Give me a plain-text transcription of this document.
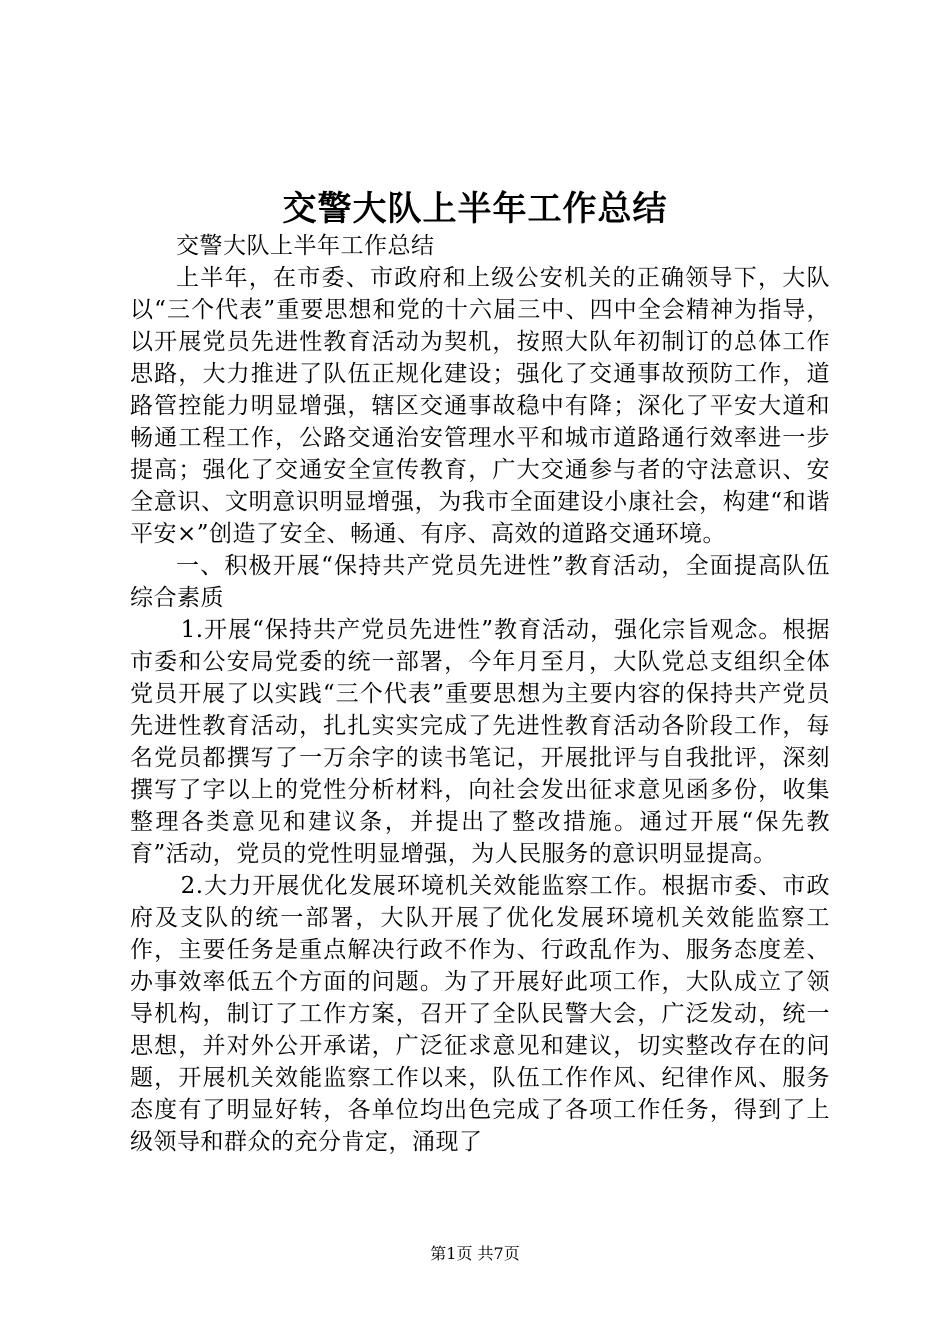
交警大队上半年工作总结

交警大队上半年工作总结

上半年，在市委、市政府和上级公安机关的正确领导下，大队以“三个代表”重要思想和党的十六届三中、四中全会精神为指导，以开展党员先进性教育活动为契机，按照大队年初制订的总体工作思路，大力推进了队伍正规化建设；强化了交通事故预防工作，道路管控能力明显增强，辖区交通事故稳中有降；深化了平安大道和畅通工程工作，公路交通治安管理水平和城市道路通行效率进一步提高；强化了交通安全宣传教育，广大交通参与者的守法意识、安全意识、文明意识明显增强，为我市全面建设小康社会，构建“和谐平安×”创造了安全、畅通、有序、高效的道路交通环境。

一、积极开展“保持共产党员先进性”教育活动，全面提高队伍综合素质

1.开展“保持共产党员先进性”教育活动，强化宗旨观念。根据市委和公安局党委的统一部署，今年月至月，大队党总支组织全体党员开展了以实践“三个代表”重要思想为主要内容的保持共产党员先进性教育活动，扎扎实实完成了先进性教育活动各阶段工作，每名党员都撰写了一万余字的读书笔记，开展批评与自我批评，深刻撰写了字以上的党性分析材料，向社会发出征求意见函多份，收集整理各类意见和建议条，并提出了整改措施。通过开展“保先教育”活动，党员的党性明显增强，为人民服务的意识明显提高。

2.大力开展优化发展环境机关效能监察工作。根据市委、市政府及支队的统一部署，大队开展了优化发展环境机关效能监察工作，主要任务是重点解决行政不作为、行政乱作为、服务态度差、办事效率低五个方面的问题。为了开展好此项工作，大队成立了领导机构，制订了工作方案，召开了全队民警大会，广泛发动，统一思想，并对外公开承诺，广泛征求意见和建议，切实整改存在的问题，开展机关效能监察工作以来，队伍工作作风、纪律作风、服务态度有了明显好转，各单位均出色完成了各项工作任务，得到了上级领导和群众的充分肯定，涌现了

第1页 共7页
